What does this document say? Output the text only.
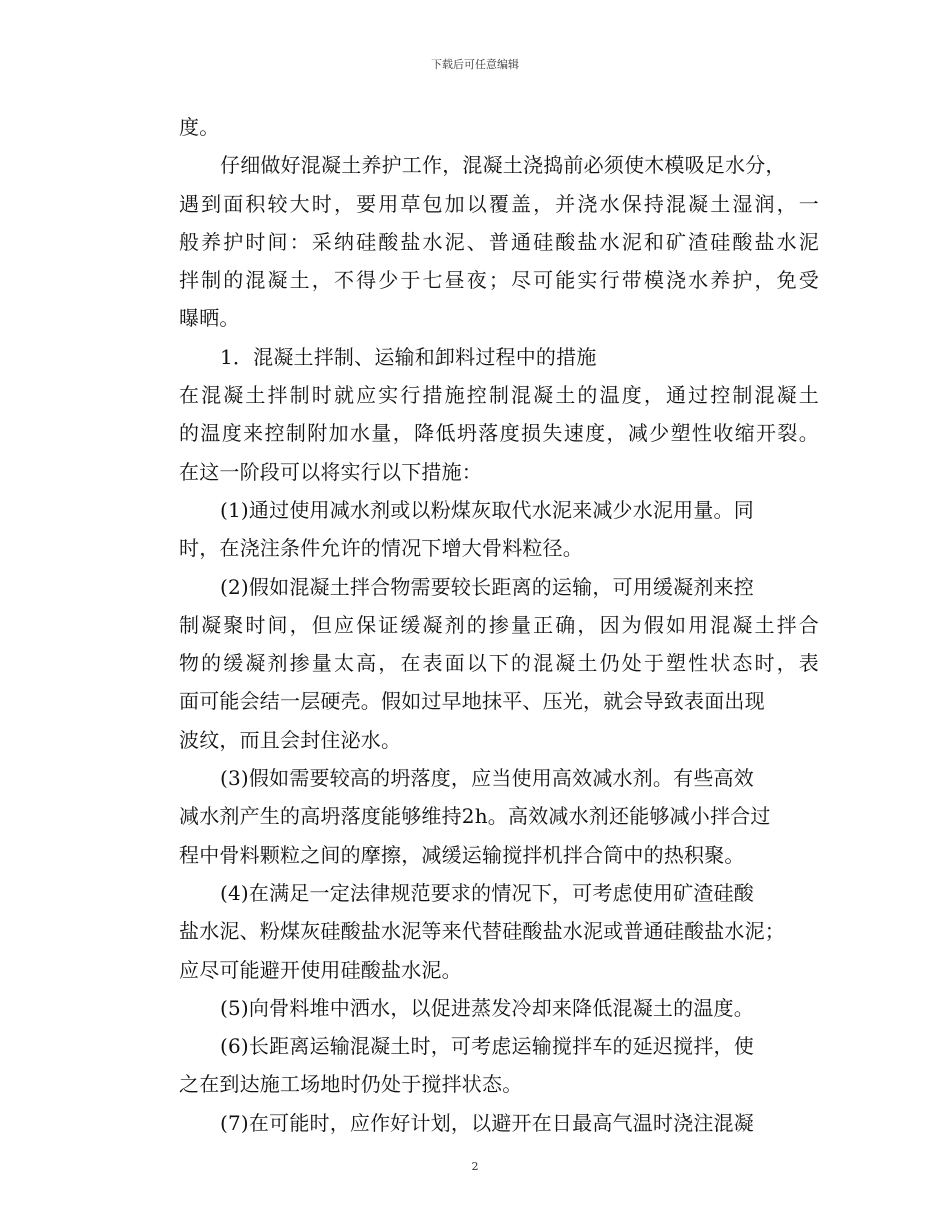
下载后可任意编辑
度。
仔细做好混凝土养护工作，混凝土浇捣前必须使木模吸足水分，
遇到面积较大时，要用草包加以覆盖，并浇水保持混凝土湿润，一
般养护时间：采纳硅酸盐水泥、普通硅酸盐水泥和矿渣硅酸盐水泥
拌制的混凝土，不得少于七昼夜；尽可能实行带模浇水养护，免受
曝晒。
1．混凝土拌制、运输和卸料过程中的措施
在混凝土拌制时就应实行措施控制混凝土的温度，通过控制混凝土
的温度来控制附加水量，降低坍落度损失速度，减少塑性收缩开裂。
在这一阶段可以将实行以下措施：
(1)通过使用减水剂或以粉煤灰取代水泥来减少水泥用量。同
时，在浇注条件允许的情况下增大骨料粒径。
(2)假如混凝土拌合物需要较长距离的运输，可用缓凝剂来控
制凝聚时间，但应保证缓凝剂的掺量正确，因为假如用混凝土拌合
物的缓凝剂掺量太高，在表面以下的混凝土仍处于塑性状态时，表
面可能会结一层硬壳。假如过早地抹平、压光，就会导致表面出现
波纹，而且会封住泌水。
(3)假如需要较高的坍落度，应当使用高效减水剂。有些高效
减水剂产生的高坍落度能够维持2h。高效减水剂还能够减小拌合过
程中骨料颗粒之间的摩擦，减缓运输搅拌机拌合筒中的热积聚。
(4)在满足一定法律规范要求的情况下，可考虑使用矿渣硅酸
盐水泥、粉煤灰硅酸盐水泥等来代替硅酸盐水泥或普通硅酸盐水泥；
应尽可能避开使用硅酸盐水泥。
(5)向骨料堆中洒水，以促进蒸发冷却来降低混凝土的温度。
(6)长距离运输混凝土时，可考虑运输搅拌车的延迟搅拌，使
之在到达施工场地时仍处于搅拌状态。
(7)在可能时，应作好计划，以避开在日最高气温时浇注混凝
2
